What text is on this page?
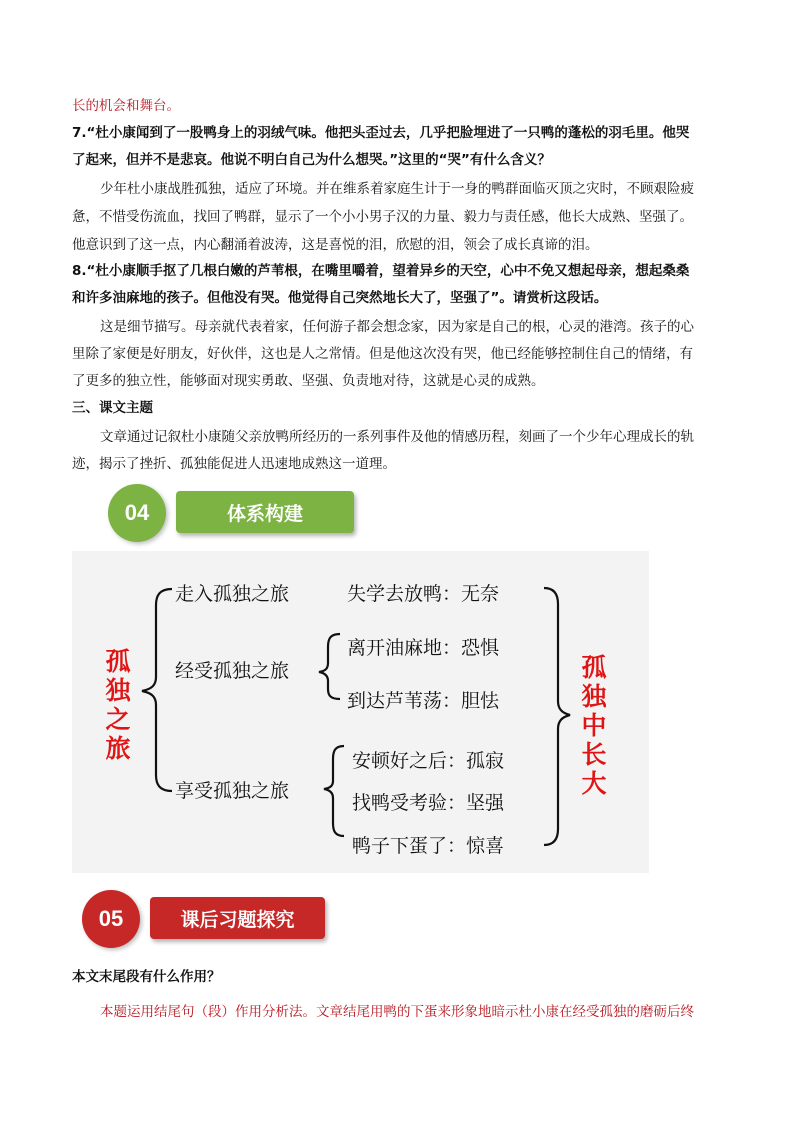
长的机会和舞台。
7.“杜小康闻到了一股鸭身上的羽绒气味。他把头歪过去，几乎把脸埋进了一只鸭的蓬松的羽毛里。他哭
了起来，但并不是悲哀。他说不明白自己为什么想哭。”这里的“哭”有什么含义？
少年杜小康战胜孤独，适应了环境。并在维系着家庭生计于一身的鸭群面临灭顶之灾时，不顾艰险疲
惫，不惜受伤流血，找回了鸭群，显示了一个小小男子汉的力量、毅力与责任感，他长大成熟、坚强了。
他意识到了这一点，内心翻涌着波涛，这是喜悦的泪，欣慰的泪，领会了成长真谛的泪。
8.“杜小康顺手抠了几根白嫩的芦苇根，在嘴里嚼着，望着异乡的天空，心中不免又想起母亲，想起桑桑
和许多油麻地的孩子。但他没有哭。他觉得自己突然地长大了，坚强了”。请赏析这段话。
这是细节描写。母亲就代表着家，任何游子都会想念家，因为家是自己的根，心灵的港湾。孩子的心
里除了家便是好朋友，好伙伴，这也是人之常情。但是他这次没有哭，他已经能够控制住自己的情绪，有
了更多的独立性，能够面对现实勇敢、坚强、负责地对待，这就是心灵的成熟。
三、课文主题
文章通过记叙杜小康随父亲放鸭所经历的一系列事件及他的情感历程，刻画了一个少年心理成长的轨
迹，揭示了挫折、孤独能促进人迅速地成熟这一道理。
体系构建
04
孤独之旅
孤独中长大
走入孤独之旅	失学去放鸭：无奈
经受孤独之旅
离开油麻地：恐惧
到达芦苇荡：胆怯
享受孤独之旅
安顿好之后：孤寂
找鸭受考验：坚强
鸭子下蛋了：惊喜
课后习题探究
05
本文末尾段有什么作用？
本题运用结尾句（段）作用分析法。文章结尾用鸭的下蛋来形象地暗示杜小康在经受孤独的磨砺后终
